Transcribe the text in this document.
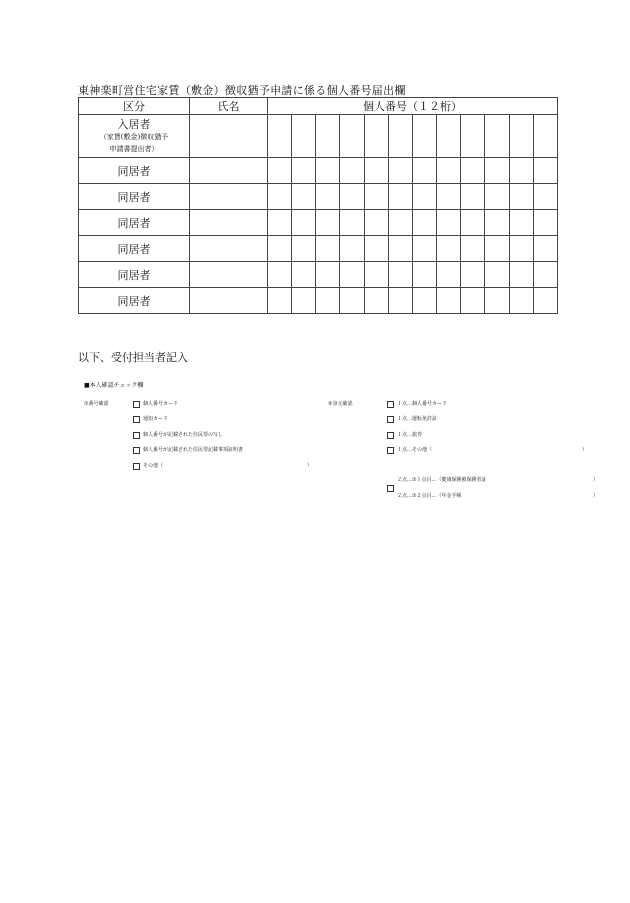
東神楽町営住宅家賃（敷金）徴収猶予申請に係る個人番号届出欄
区分	氏名	個人番号（１２桁）											

入居者
（家賃(敷金)徴収猶予
申請書提出者）													

同居者													
同居者													
同居者													
同居者													
同居者													
同居者													
以下、受付担当者記入
■本人確認チェック欄
①番号確認	個人番号カード
通知カード
個人番号が記載された住民票の写し
個人番号が記載された住民票記載事項証明書
その他（	）
②身元確認	１点…個人番号カード
１点…運転免許証
１点…旅券
１点…その他（	）
２点…①１点目…（健康保険被保険者証	）
２点…①２点目…（年金手帳	）
